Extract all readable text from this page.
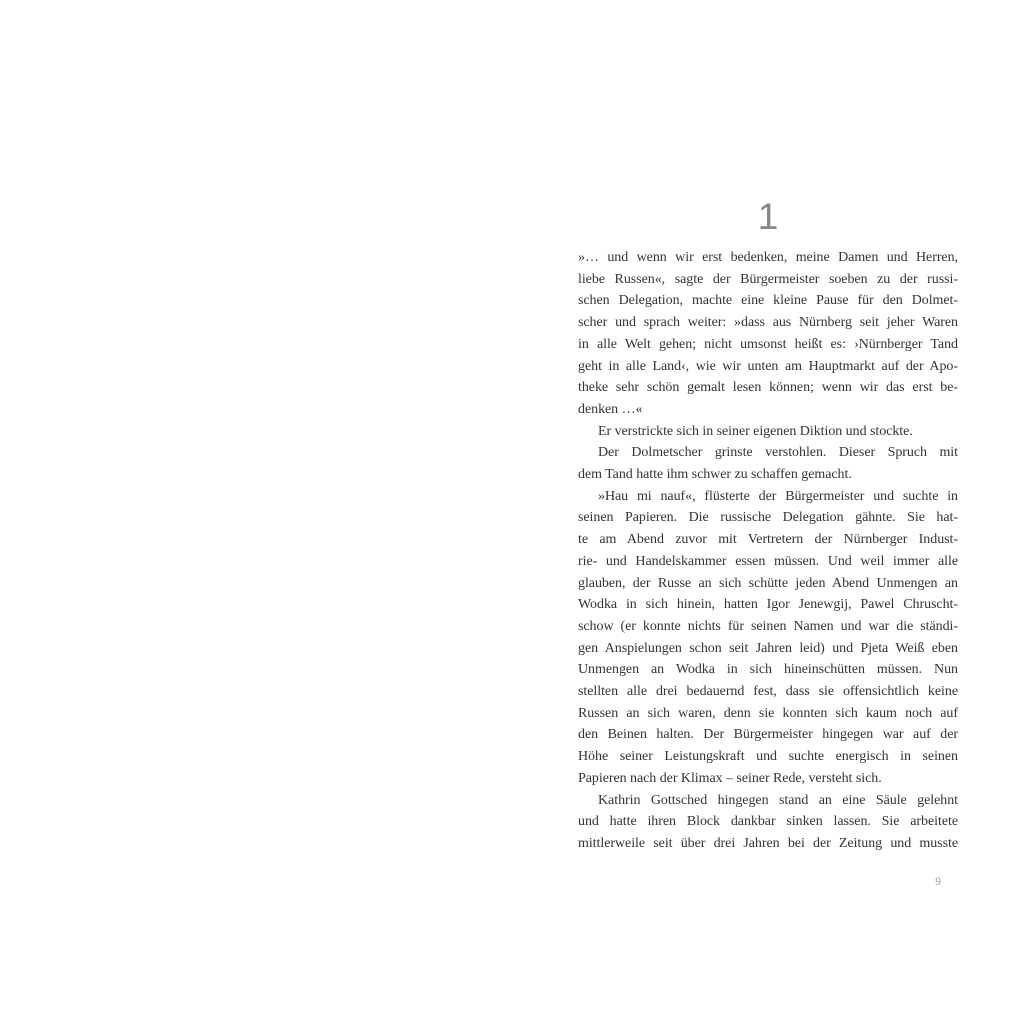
1
»… und wenn wir erst bedenken, meine Damen und Herren,
liebe Russen«, sagte der Bürgermeister soeben zu der russi-
schen Delegation, machte eine kleine Pause für den Dolmet-
scher und sprach weiter: »dass aus Nürnberg seit jeher Waren
in alle Welt gehen; nicht umsonst heißt es: ›Nürnberger Tand
geht in alle Land‹, wie wir unten am Hauptmarkt auf der Apo-
theke sehr schön gemalt lesen können; wenn wir das erst be-
denken …«
Er verstrickte sich in seiner eigenen Diktion und stockte.
Der Dolmetscher grinste verstohlen. Dieser Spruch mit
dem Tand hatte ihm schwer zu schaffen gemacht.
»Hau mi nauf«, flüsterte der Bürgermeister und suchte in
seinen Papieren. Die russische Delegation gähnte. Sie hat-
te am Abend zuvor mit Vertretern der Nürnberger Indust-
rie- und Handelskammer essen müssen. Und weil immer alle
glauben, der Russe an sich schütte jeden Abend Unmengen an
Wodka in sich hinein, hatten Igor Jenewgij, Pawel Chruscht-
schow (er konnte nichts für seinen Namen und war die ständi-
gen Anspielungen schon seit Jahren leid) und Pjeta Weiß eben
Unmengen an Wodka in sich hineinschütten müssen. Nun
stellten alle drei bedauernd fest, dass sie offensichtlich keine
Russen an sich waren, denn sie konnten sich kaum noch auf
den Beinen halten. Der Bürgermeister hingegen war auf der
Höhe seiner Leistungskraft und suchte energisch in seinen
Papieren nach der Klimax – seiner Rede, versteht sich.
Kathrin Gottsched hingegen stand an eine Säule gelehnt
und hatte ihren Block dankbar sinken lassen. Sie arbeitete
mittlerweile seit über drei Jahren bei der Zeitung und musste
9
